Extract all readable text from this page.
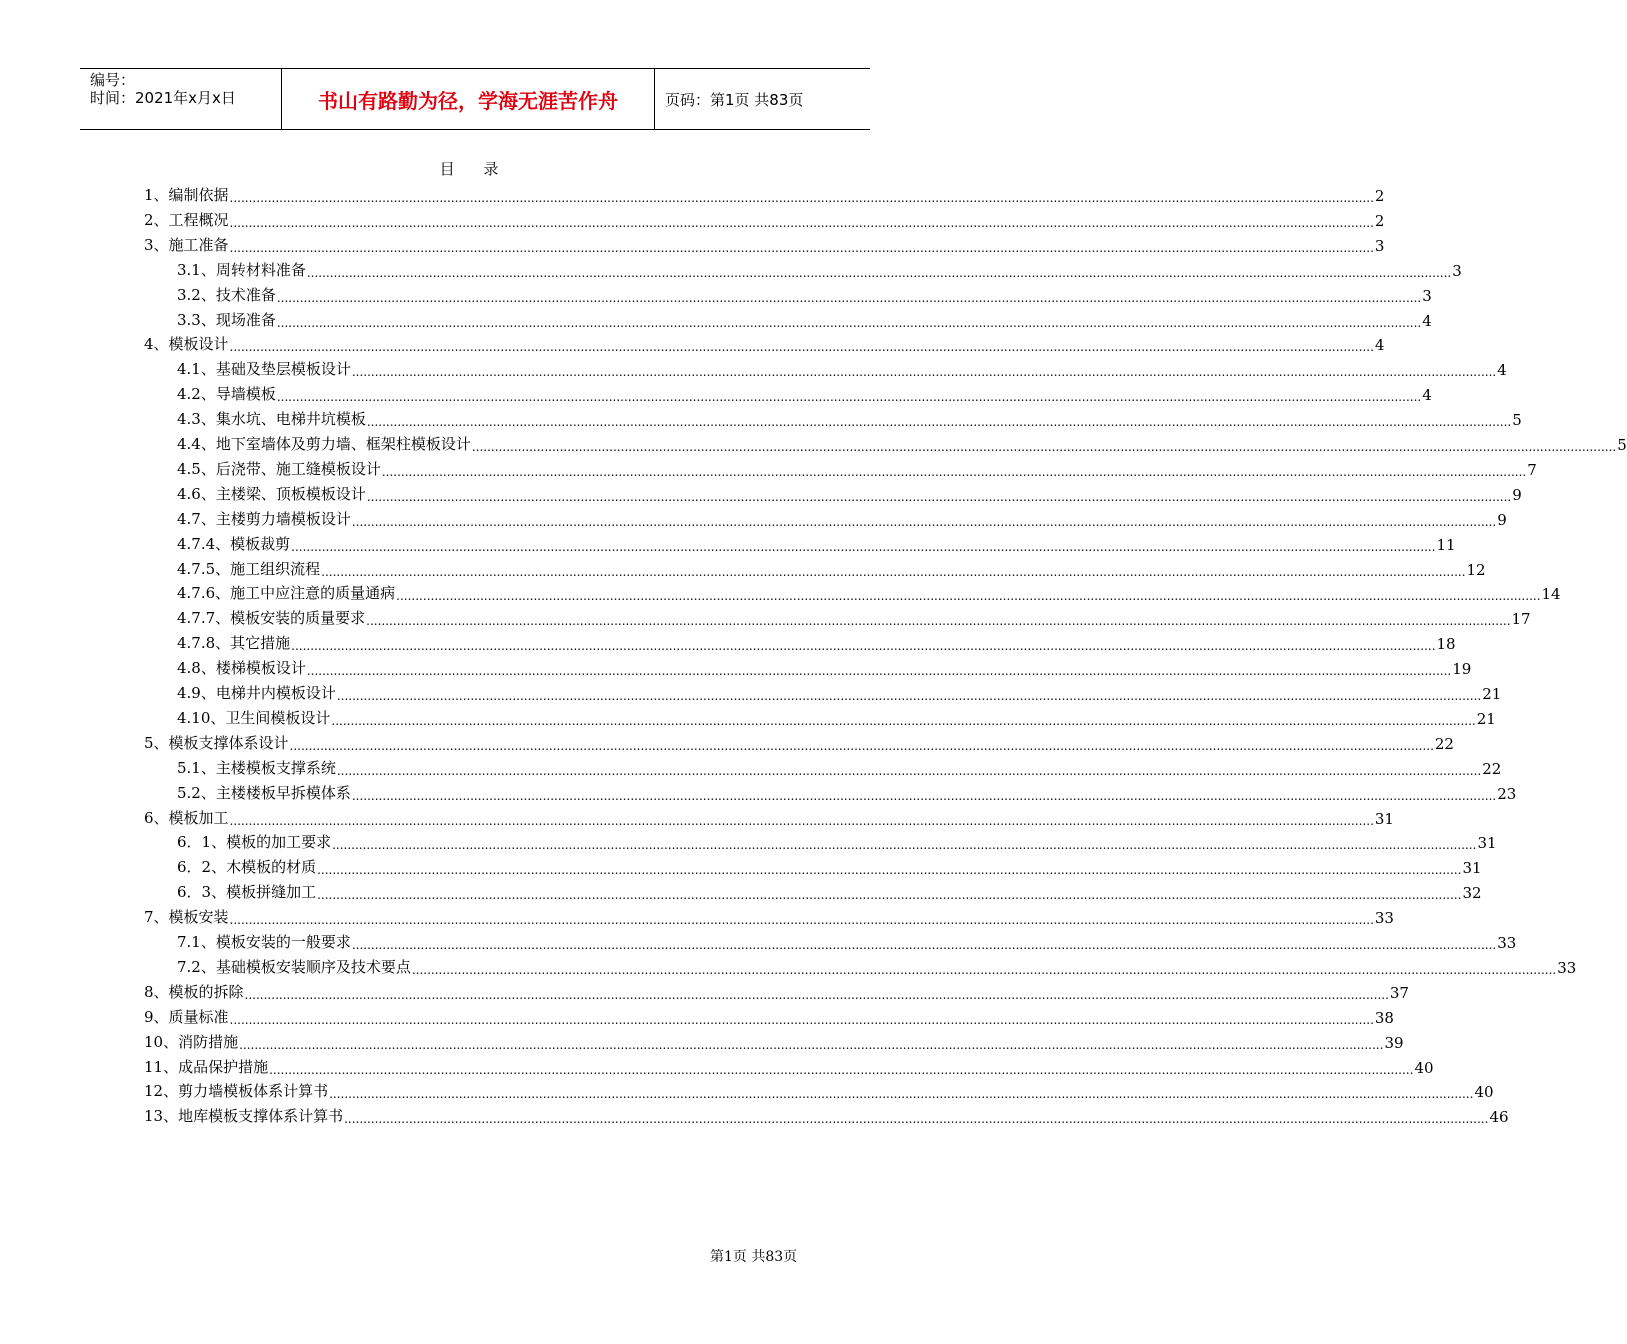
编号：
时间：2021年x月x日	书山有路勤为径，学海无涯苦作舟	页码：第1页 共83页
目 录
1、编制依据 ............................................................................................................................................................................................................................................................................................................ 2
2、工程概况 ............................................................................................................................................................................................................................................................................................................ 2
3、施工准备 ............................................................................................................................................................................................................................................................................................................ 3
3.1、周转材料准备 ............................................................................................................................................................................................................................................................................................................ 3
3.2、技术准备 ............................................................................................................................................................................................................................................................................................................ 3
3.3、现场准备 ............................................................................................................................................................................................................................................................................................................ 4
4、模板设计 ............................................................................................................................................................................................................................................................................................................ 4
4.1、基础及垫层模板设计 ............................................................................................................................................................................................................................................................................................................ 4
4.2、导墙模板 ............................................................................................................................................................................................................................................................................................................ 4
4.3、集水坑、电梯井坑模板 ............................................................................................................................................................................................................................................................................................................ 5
4.4、地下室墙体及剪力墙、框架柱模板设计 ............................................................................................................................................................................................................................................................................................................ 5
4.5、后浇带、施工缝模板设计 ............................................................................................................................................................................................................................................................................................................ 7
4.6、主楼梁、顶板模板设计 ............................................................................................................................................................................................................................................................................................................ 9
4.7、主楼剪力墙模板设计 ............................................................................................................................................................................................................................................................................................................ 9
4.7.4、模板裁剪 ............................................................................................................................................................................................................................................................................................................ 11
4.7.5、施工组织流程 ............................................................................................................................................................................................................................................................................................................ 12
4.7.6、施工中应注意的质量通病 ............................................................................................................................................................................................................................................................................................................ 14
4.7.7、模板安装的质量要求 ............................................................................................................................................................................................................................................................................................................ 17
4.7.8、其它措施 ............................................................................................................................................................................................................................................................................................................ 18
4.8、楼梯模板设计 ............................................................................................................................................................................................................................................................................................................ 19
4.9、电梯井内模板设计 ............................................................................................................................................................................................................................................................................................................ 21
4.10、卫生间模板设计 ............................................................................................................................................................................................................................................................................................................ 21
5、模板支撑体系设计 ............................................................................................................................................................................................................................................................................................................ 22
5.1、主楼模板支撑系统 ............................................................................................................................................................................................................................................................................................................ 22
5.2、主楼楼板早拆模体系 ............................................................................................................................................................................................................................................................................................................ 23
6、模板加工 ............................................................................................................................................................................................................................................................................................................ 31
6．1、模板的加工要求 ............................................................................................................................................................................................................................................................................................................ 31
6．2、木模板的材质 ............................................................................................................................................................................................................................................................................................................ 31
6．3、模板拼缝加工 ............................................................................................................................................................................................................................................................................................................ 32
7、模板安装 ............................................................................................................................................................................................................................................................................................................ 33
7.1、模板安装的一般要求 ............................................................................................................................................................................................................................................................................................................ 33
7.2、基础模板安装顺序及技术要点 ............................................................................................................................................................................................................................................................................................................ 33
8、模板的拆除 ............................................................................................................................................................................................................................................................................................................ 37
9、质量标准 ............................................................................................................................................................................................................................................................................................................ 38
10、消防措施 ............................................................................................................................................................................................................................................................................................................ 39
11、成品保护措施 ............................................................................................................................................................................................................................................................................................................ 40
12、剪力墙模板体系计算书 ............................................................................................................................................................................................................................................................................................................ 40
13、地库模板支撑体系计算书 ............................................................................................................................................................................................................................................................................................................ 46
第1页 共83页
